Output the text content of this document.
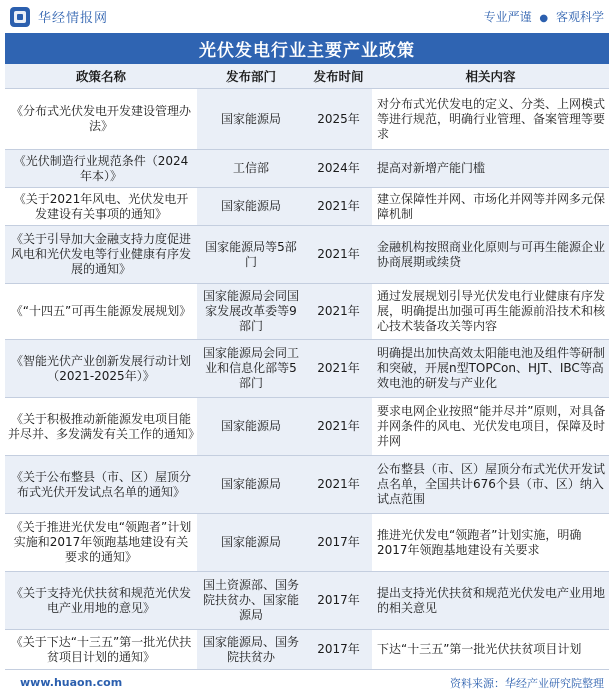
华经情报网	专业严谨 ● 客观科学
光伏发电行业主要产业政策
政策名称	发布部门	发布时间	相关内容
《分布式光伏发电开发建设管理办法》	国家能源局	2025年	对分布式光伏发电的定义、分类、上网模式等进行规范，明确行业管理、备案管理等要求
《光伏制造行业规范条件（2024年本）》	工信部	2024年	提高对新增产能门槛
《关于2021年风电、光伏发电开发建设有关事项的通知》	国家能源局	2021年	建立保障性并网、市场化并网等并网多元保障机制
《关于引导加大金融支持力度促进风电和光伏发电等行业健康有序发展的通知》	国家能源局等5部门	2021年	金融机构按照商业化原则与可再生能源企业协商展期或续贷
《“十四五”可再生能源发展规划》	国家能源局会同国家发展改革委等9部门	2021年	通过发展规划引导光伏发电行业健康有序发展，明确提出加强可再生能源前沿技术和核心技术装备攻关等内容
《智能光伏产业创新发展行动计划（2021-2025年）》	国家能源局会同工业和信息化部等5部门	2021年	明确提出加快高效太阳能电池及组件等研制和突破，开展n型TOPCon、HJT、IBC等高效电池的研发与产业化
《关于积极推动新能源发电项目能并尽并、多发满发有关工作的通知》	国家能源局	2021年	要求电网企业按照“能并尽并”原则，对具备并网条件的风电、光伏发电项目，保障及时并网
《关于公布整县（市、区）屋顶分布式光伏开发试点名单的通知》	国家能源局	2021年	公布整县（市、区）屋顶分布式光伏开发试点名单，全国共计676个县（市、区）纳入试点范围
《关于推进光伏发电“领跑者”计划实施和2017年领跑基地建设有关要求的通知》	国家能源局	2017年	推进光伏发电“领跑者”计划实施，明确2017年领跑基地建设有关要求
《关于支持光伏扶贫和规范光伏发电产业用地的意见》	国土资源部、国务院扶贫办、国家能源局	2017年	提出支持光伏扶贫和规范光伏发电产业用地的相关意见
《关于下达“十三五”第一批光伏扶贫项目计划的通知》	国家能源局、国务院扶贫办	2017年	下达“十三五”第一批光伏扶贫项目计划
www.huaon.com	资料来源：华经产业研究院整理
